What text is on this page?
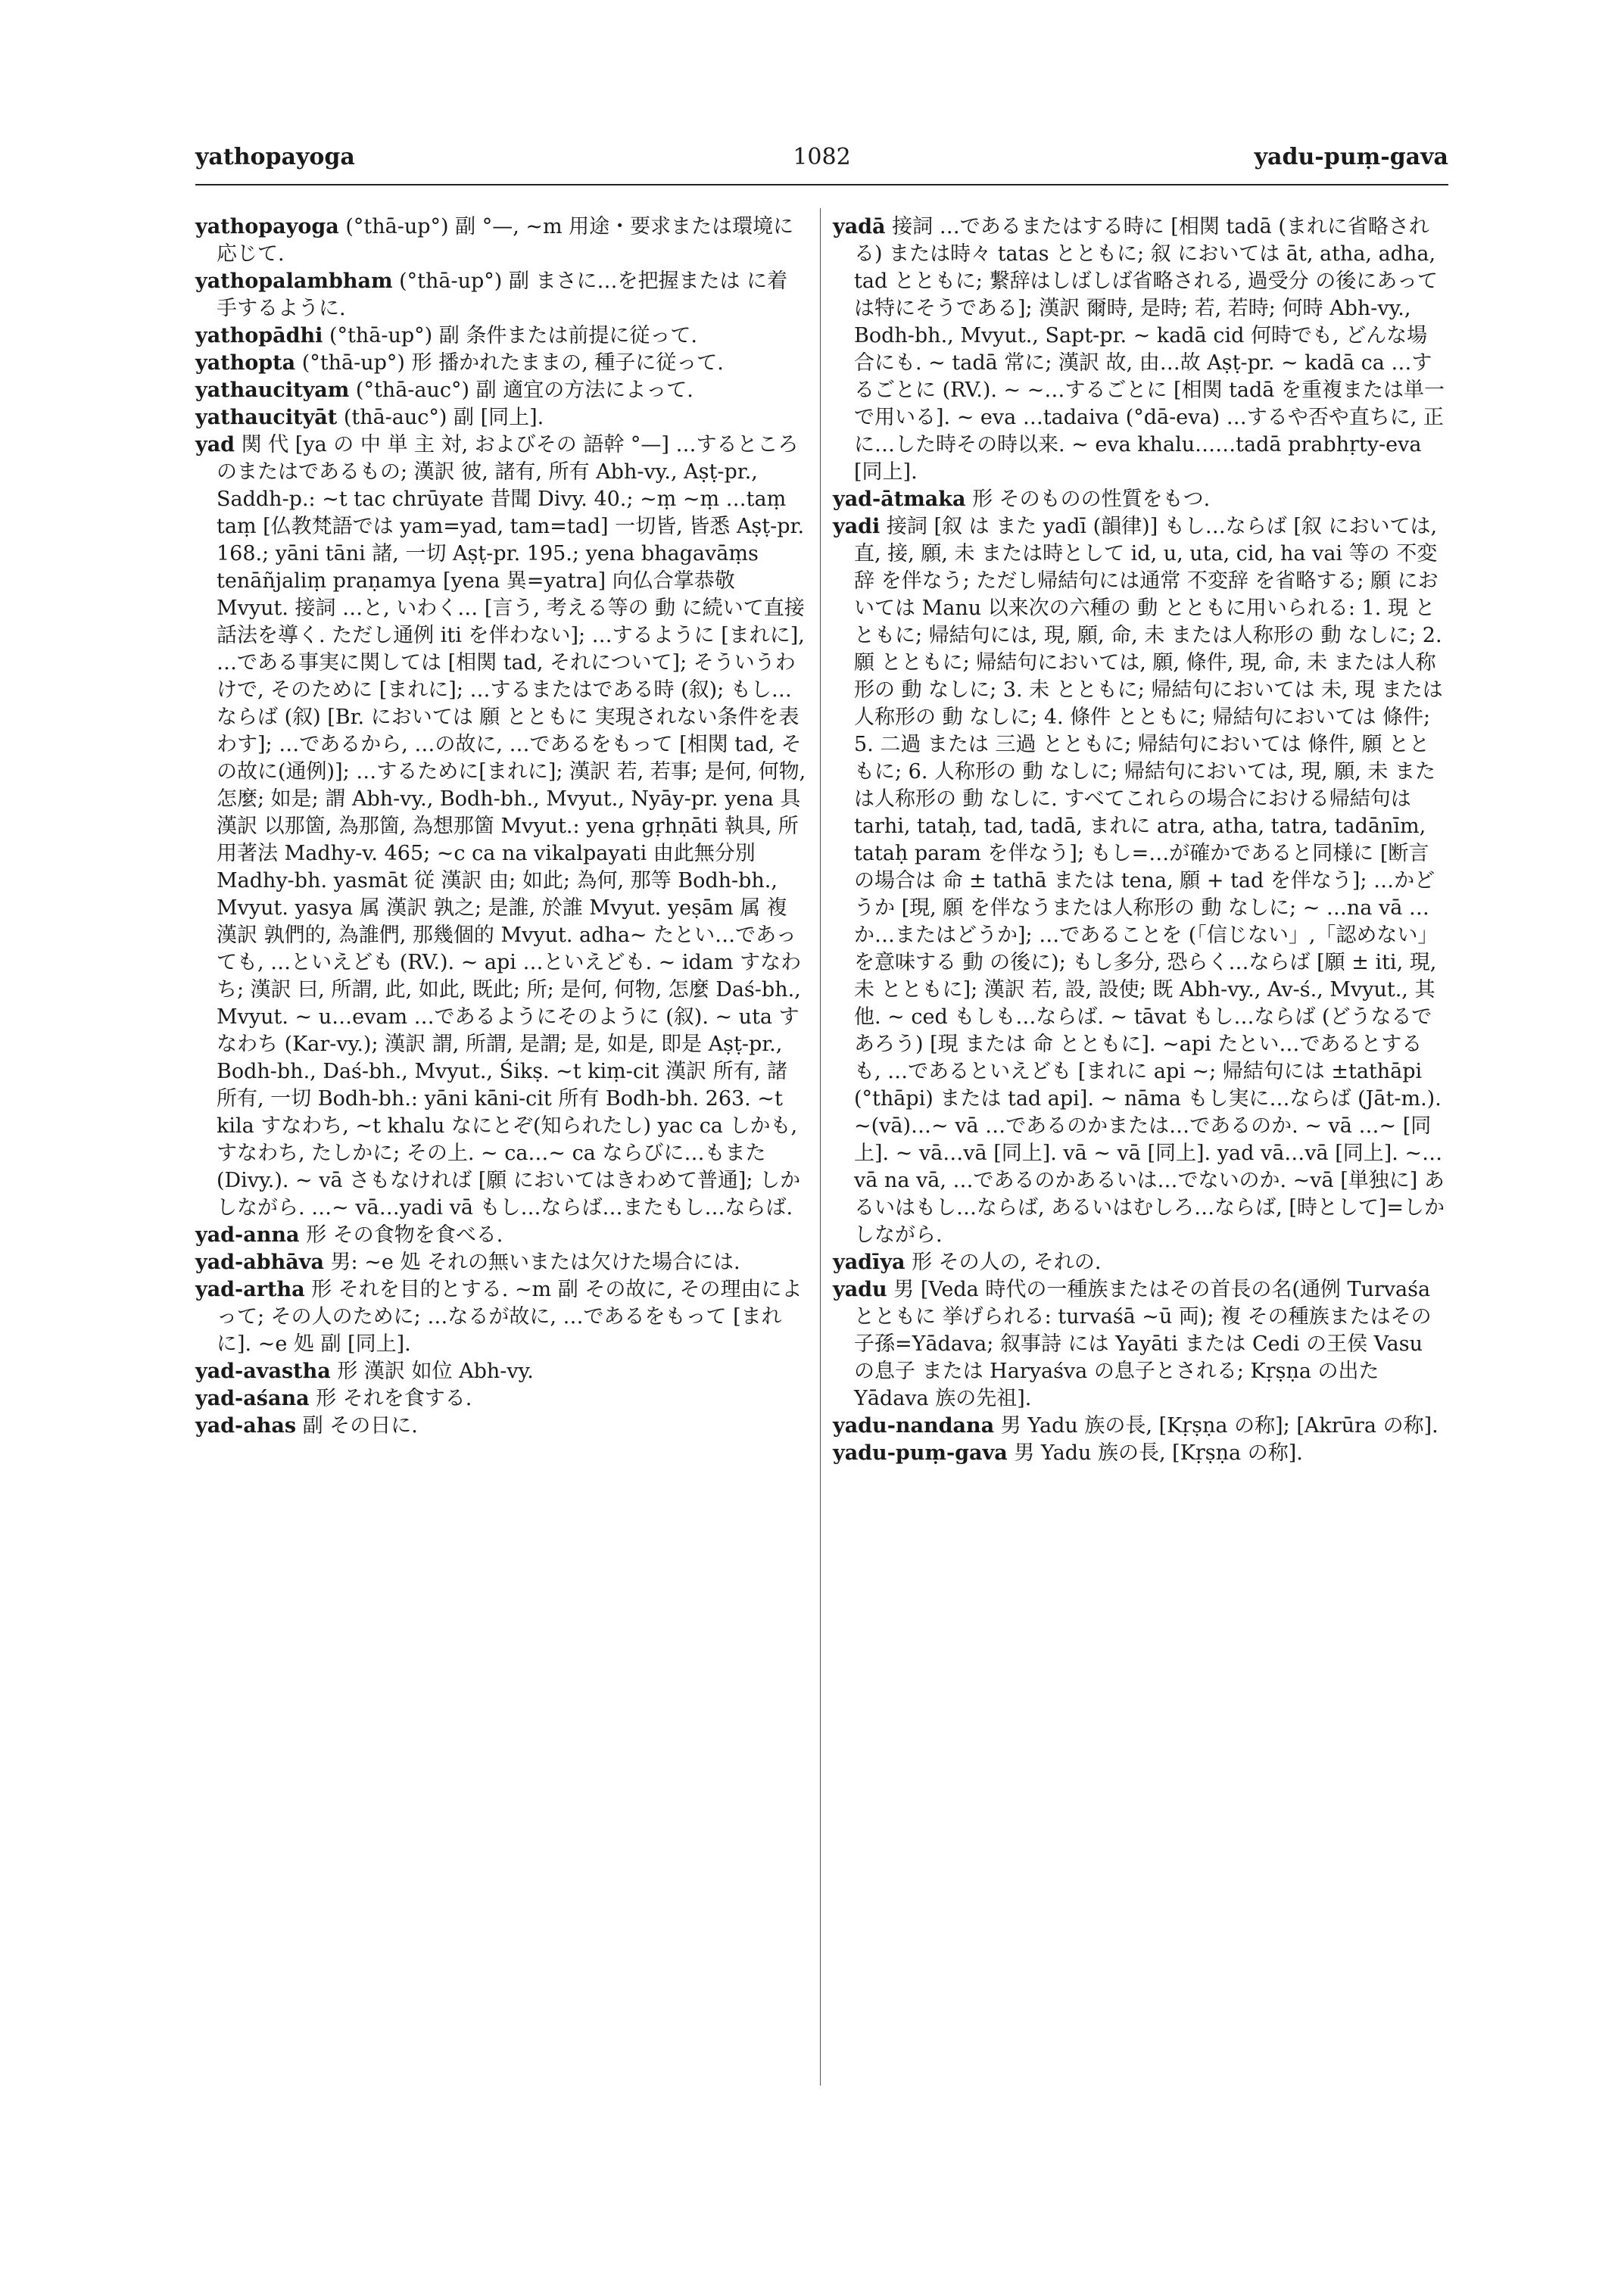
1082
yathopayoga	yadu-puṃ-gava

yathopayoga (°thā-up°) 副 °—, ~m 用途・要求または環境に応じて.

yathopalambham (°thā-up°) 副 まさに…を把握または に着手するように.

yathopādhi (°thā-up°) 副 条件または前提に従って.

yathopta (°thā-up°) 形 播かれたままの, 種子に従って.

yathaucityam (°thā-auc°) 副 適宜の方法によって.

yathaucityāt (thā-auc°) 副 [同上].

yad 関 代 [ya の 中 単 主 対, およびその 語幹 °—] …するところのまたはであるもの; 漢訳 彼, 諸有, 所有 Abh-vy., Aṣṭ-pr., Saddh-p.: ~t tac chrūyate 昔聞 Divy. 40.; ~ṃ ~ṃ …taṃ taṃ [仏教梵語では yam=yad, tam=tad] 一切皆, 皆悉 Aṣṭ-pr. 168.; yāni tāni 諸, 一切 Aṣṭ-pr. 195.; yena bhagavāṃs tenāñjaliṃ praṇamya [yena 異=yatra] 向仏合掌恭敬 Mvyut. 接詞 …と, いわく… [言う, 考える等の 動 に続いて直接話法を導く. ただし通例 iti を伴わない]; …するように [まれに], …である事実に関しては [相関 tad, それについて]; そういうわけで, そのために [まれに]; …するまたはである時 (叙); もし…ならば (叙) [Br. においては 願 とともに 実現されない条件を表わす]; …であるから, …の故に, …であるをもって [相関 tad, その故に(通例)]; …するために[まれに]; 漢訳 若, 若事; 是何, 何物, 怎麼; 如是; 謂 Abh-vy., Bodh-bh., Mvyut., Nyāy-pr. yena 具 漢訳 以那箇, 為那箇, 為想那箇 Mvyut.: yena gṛhṇāti 執具, 所用著法 Madhy-v. 465; ~c ca na vikalpayati 由此無分別 Madhy-bh. yasmāt 従 漢訳 由; 如此; 為何, 那等 Bodh-bh., Mvyut. yasya 属 漢訳 孰之; 是誰, 於誰 Mvyut. yeṣām 属 複 漢訳 孰們的, 為誰們, 那幾個的 Mvyut. adha~ たとい…であっても, …といえども (RV.). ~ api …といえども. ~ idam すなわち; 漢訳 曰, 所謂, 此, 如此, 既此; 所; 是何, 何物, 怎麼 Daś-bh., Mvyut. ~ u…evam …であるようにそのように (叙). ~ uta すなわち (Kar-vy.); 漢訳 謂, 所謂, 是謂; 是, 如是, 即是 Aṣṭ-pr., Bodh-bh., Daś-bh., Mvyut., Śikṣ. ~t kiṃ-cit 漢訳 所有, 諸所有, 一切 Bodh-bh.: yāni kāni-cit 所有 Bodh-bh. 263. ~t kila すなわち, ~t khalu なにとぞ(知られたし) yac ca しかも, すなわち, たしかに; その上. ~ ca…~ ca ならびに…もまた (Divy.). ~ vā さもなければ [願 においてはきわめて普通]; しかしながら. …~ vā…yadi vā もし…ならば…またもし…ならば.

yad-anna 形 その食物を食べる.

yad-abhāva 男: ~e 処 それの無いまたは欠けた場合には.

yad-artha 形 それを目的とする. ~m 副 その故に, その理由によって; その人のために; …なるが故に, …であるをもって [まれに]. ~e 処 副 [同上].

yad-avastha 形 漢訳 如位 Abh-vy.

yad-aśana 形 それを食する.

yad-ahas 副 その日に.

yadā 接詞 …であるまたはする時に [相関 tadā (まれに省略される) または時々 tatas とともに; 叙 においては āt, atha, adha, tad とともに; 繋辞はしばしば省略される, 過受分 の後にあっては特にそうである]; 漢訳 爾時, 是時; 若, 若時; 何時 Abh-vy., Bodh-bh., Mvyut., Sapt-pr. ~ kadā cid 何時でも, どんな場合にも. ~ tadā 常に; 漢訳 故, 由…故 Aṣṭ-pr. ~ kadā ca …するごとに (RV.). ~ ~…するごとに [相関 tadā を重複または単一で用いる]. ~ eva …tadaiva (°dā-eva) …するや否や直ちに, 正に…した時その時以来. ~ eva khalu……tadā prabhṛty-eva [同上].

yad-ātmaka 形 そのものの性質をもつ.

yadi 接詞 [叙 は また yadī (韻律)] もし…ならば [叙 においては, 直, 接, 願, 未 または時として id, u, uta, cid, ha vai 等の 不変辞 を伴なう; ただし帰結句には通常 不変辞 を省略する; 願 においては Manu 以来次の六種の 動 とともに用いられる: 1. 現 とともに; 帰結句には, 現, 願, 命, 未 または人称形の 動 なしに; 2. 願 とともに; 帰結句においては, 願, 條件, 現, 命, 未 または人称形の 動 なしに; 3. 未 とともに; 帰結句においては 未, 現 または人称形の 動 なしに; 4. 條件 とともに; 帰結句においては 條件; 5. 二過 または 三過 とともに; 帰結句においては 條件, 願 とともに; 6. 人称形の 動 なしに; 帰結句においては, 現, 願, 未 または人称形の 動 なしに. すべてこれらの場合における帰結句は tarhi, tataḥ, tad, tadā, まれに atra, atha, tatra, tadānīm, tataḥ param を伴なう]; もし=…が確かであると同様に [断言の場合は 命 ± tathā または tena, 願 + tad を伴なう]; …かどうか [現, 願 を伴なうまたは人称形の 動 なしに; ~ …na vā …か…またはどうか]; …であることを (「信じない」,「認めない」を意味する 動 の後に); もし多分, 恐らく…ならば [願 ± iti, 現, 未 とともに]; 漢訳 若, 設, 設使; 既 Abh-vy., Av-ś., Mvyut., 其他. ~ ced もしも…ならば. ~ tāvat もし…ならば (どうなるであろう) [現 または 命 とともに]. ~api たとい…であるとするも, …であるといえども [まれに api ~; 帰結句には ±tathāpi (°thāpi) または tad api]. ~ nāma もし実に…ならば (Jāt-m.). ~(vā)…~ vā …であるのかまたは…であるのか. ~ vā …~ [同上]. ~ vā…vā [同上]. vā ~ vā [同上]. yad vā…vā [同上]. ~…vā na vā, …であるのかあるいは…でないのか. ~vā [単独に] あるいはもし…ならば, あるいはむしろ…ならば, [時として]=しかしながら.

yadīya 形 その人の, それの.

yadu 男 [Veda 時代の一種族またはその首長の名(通例 Turvaśa とともに 挙げられる: turvaśā ~ū 両); 複 その種族またはその子孫=Yādava; 叙事詩 には Yayāti または Cedi の王侯 Vasu の息子 または Haryaśva の息子とされる; Kṛṣṇa の出た Yādava 族の先祖].

yadu-nandana 男 Yadu 族の長, [Kṛṣṇa の称]; [Akrūra の称].

yadu-puṃ-gava 男 Yadu 族の長, [Kṛṣṇa の称].
